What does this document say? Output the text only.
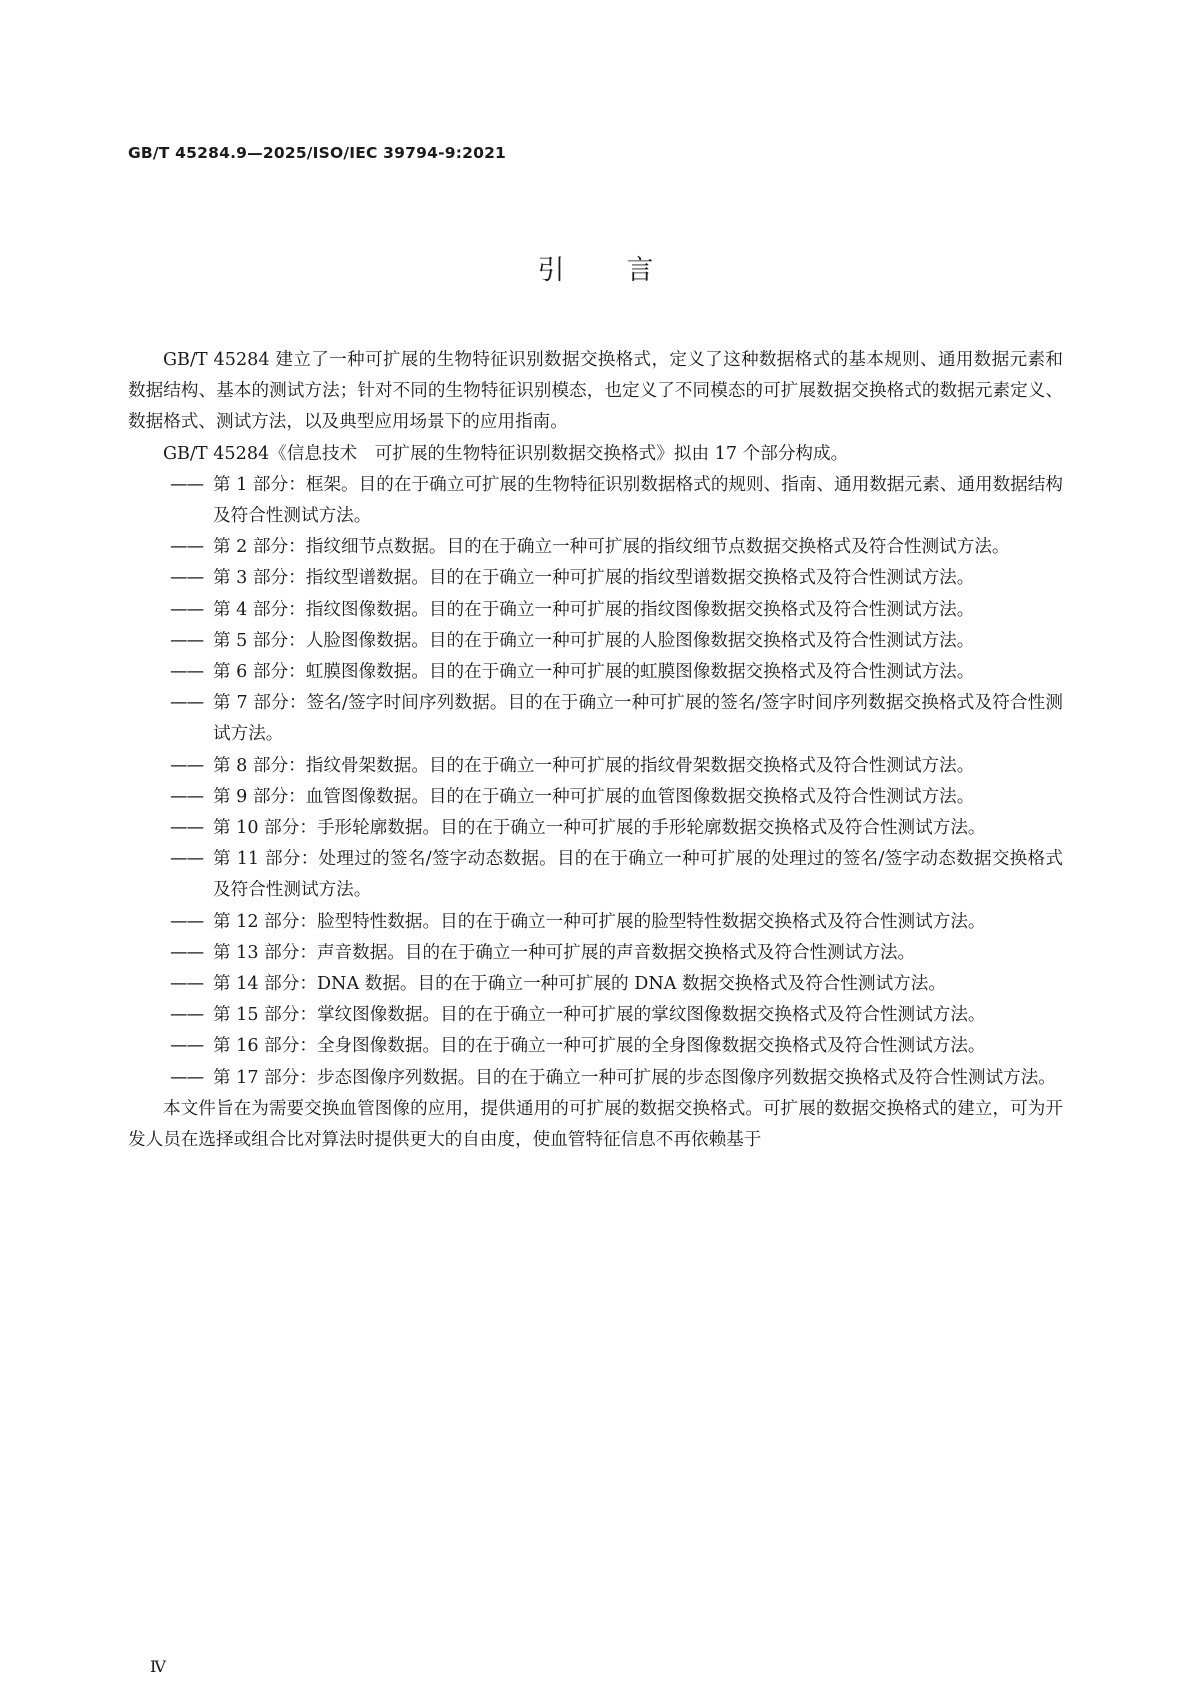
GB/T 45284.9—2025/ISO/IEC 39794-9:2021
引言

GB/T 45284 建立了一种可扩展的生物特征识别数据交换格式，定义了这种数据格式的基本规则、通用数据元素和数据结构、基本的测试方法；针对不同的生物特征识别模态，也定义了不同模态的可扩展数据交换格式的数据元素定义、数据格式、测试方法，以及典型应用场景下的应用指南。

GB/T 45284《信息技术　可扩展的生物特征识别数据交换格式》拟由 17 个部分构成。

—— 第 1 部分：框架。目的在于确立可扩展的生物特征识别数据格式的规则、指南、通用数据元素、通用数据结构及符合性测试方法。

—— 第 2 部分：指纹细节点数据。目的在于确立一种可扩展的指纹细节点数据交换格式及符合性测试方法。

—— 第 3 部分：指纹型谱数据。目的在于确立一种可扩展的指纹型谱数据交换格式及符合性测试方法。

—— 第 4 部分：指纹图像数据。目的在于确立一种可扩展的指纹图像数据交换格式及符合性测试方法。

—— 第 5 部分：人脸图像数据。目的在于确立一种可扩展的人脸图像数据交换格式及符合性测试方法。

—— 第 6 部分：虹膜图像数据。目的在于确立一种可扩展的虹膜图像数据交换格式及符合性测试方法。

—— 第 7 部分：签名/签字时间序列数据。目的在于确立一种可扩展的签名/签字时间序列数据交换格式及符合性测试方法。

—— 第 8 部分：指纹骨架数据。目的在于确立一种可扩展的指纹骨架数据交换格式及符合性测试方法。

—— 第 9 部分：血管图像数据。目的在于确立一种可扩展的血管图像数据交换格式及符合性测试方法。

—— 第 10 部分：手形轮廓数据。目的在于确立一种可扩展的手形轮廓数据交换格式及符合性测试方法。

—— 第 11 部分：处理过的签名/签字动态数据。目的在于确立一种可扩展的处理过的签名/签字动态数据交换格式及符合性测试方法。

—— 第 12 部分：脸型特性数据。目的在于确立一种可扩展的脸型特性数据交换格式及符合性测试方法。

—— 第 13 部分：声音数据。目的在于确立一种可扩展的声音数据交换格式及符合性测试方法。

—— 第 14 部分：DNA 数据。目的在于确立一种可扩展的 DNA 数据交换格式及符合性测试方法。

—— 第 15 部分：掌纹图像数据。目的在于确立一种可扩展的掌纹图像数据交换格式及符合性测试方法。

—— 第 16 部分：全身图像数据。目的在于确立一种可扩展的全身图像数据交换格式及符合性测试方法。

—— 第 17 部分：步态图像序列数据。目的在于确立一种可扩展的步态图像序列数据交换格式及符合性测试方法。

本文件旨在为需要交换血管图像的应用，提供通用的可扩展的数据交换格式。可扩展的数据交换格式的建立，可为开发人员在选择或组合比对算法时提供更大的自由度，使血管特征信息不再依赖基于

Ⅳ
